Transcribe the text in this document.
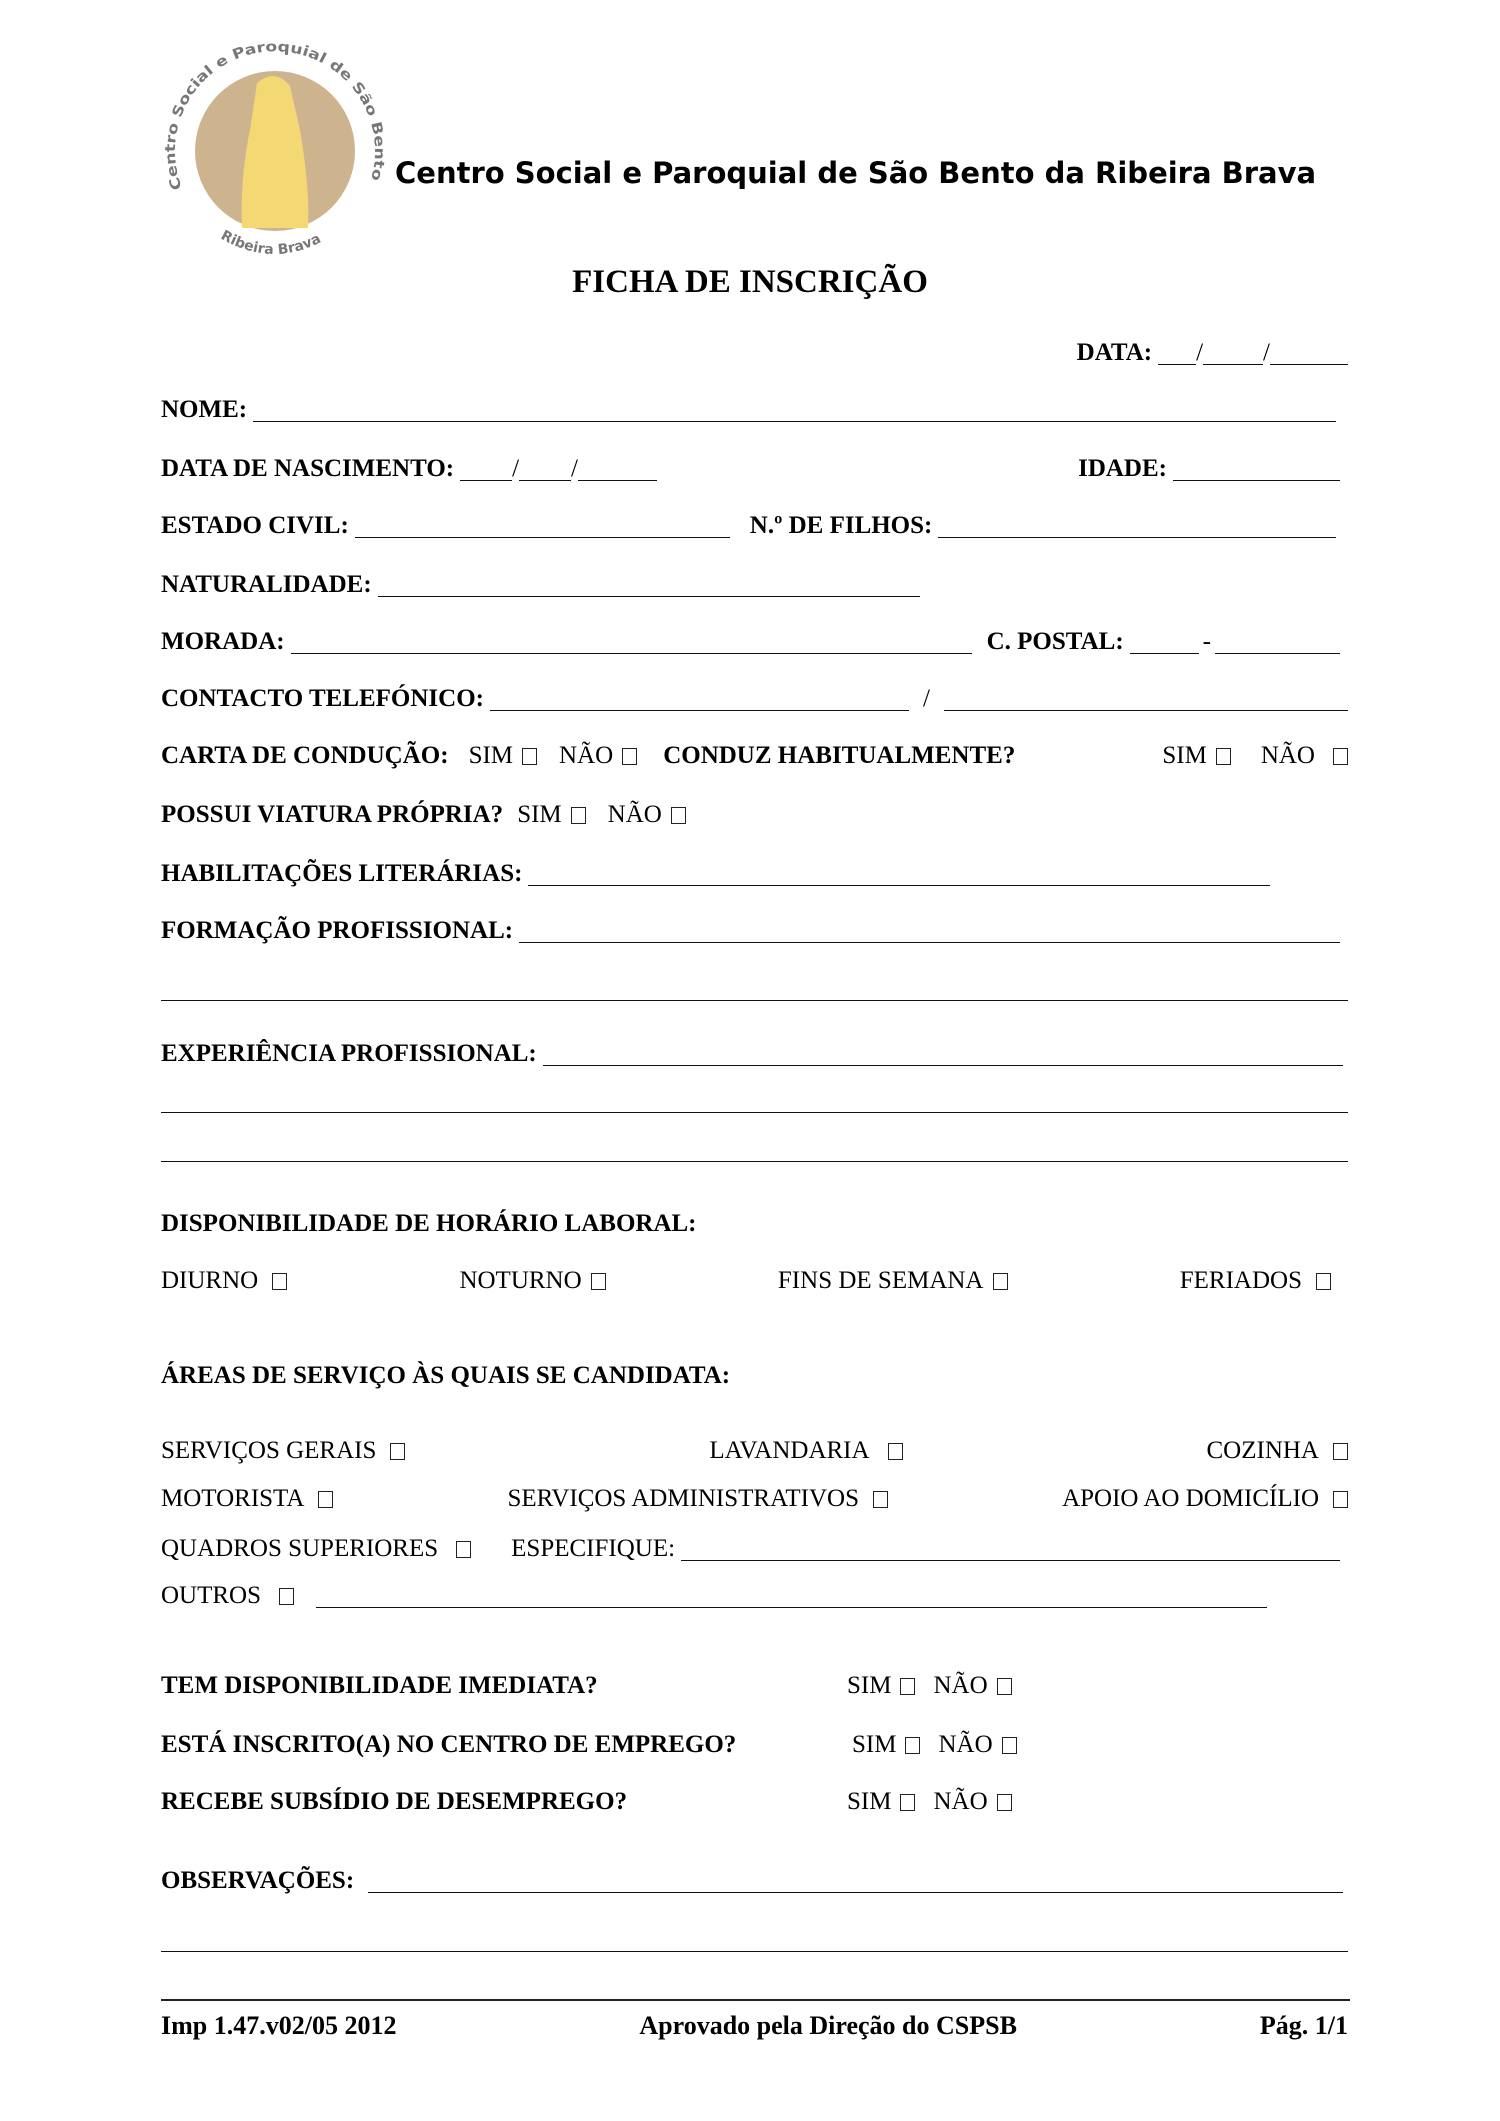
Centro Social e Paroquial de São Bento
Ribeira Brava
Centro Social e Paroquial de São Bento da Ribeira Brava
FICHA DE INSCRIÇÃO
DATA: / /
NOME:
DATA DE NASCIMENTO: / /	IDADE:
ESTADO CIVIL:	N.º DE FILHOS:
NATURALIDADE:
MORADA:	C. POSTAL:	-
CONTACTO TELEFÓNICO:	/
CARTA DE CONDUÇÃO: SIM NÃO CONDUZ HABITUALMENTE?	SIM NÃO
POSSUI VIATURA PRÓPRIA? SIM NÃO
HABILITAÇÕES LITERÁRIAS:
FORMAÇÃO PROFISSIONAL:
EXPERIÊNCIA PROFISSIONAL:
DISPONIBILIDADE DE HORÁRIO LABORAL:
DIURNO	NOTURNO	FINS DE SEMANA	FERIADOS
ÁREAS DE SERVIÇO ÀS QUAIS SE CANDIDATA:
SERVIÇOS GERAIS	LAVANDARIA	COZINHA
MOTORISTA	SERVIÇOS ADMINISTRATIVOS	APOIO AO DOMICÍLIO
QUADROS SUPERIORES	ESPECIFIQUE:
OUTROS
TEM DISPONIBILIDADE IMEDIATA?	SIM NÃO
ESTÁ INSCRITO(A) NO CENTRO DE EMPREGO?	SIM NÃO
RECEBE SUBSÍDIO DE DESEMPREGO?	SIM NÃO
OBSERVAÇÕES:
Imp 1.47.v02/05 2012	Aprovado pela Direção do CSPSB	Pág. 1/1
